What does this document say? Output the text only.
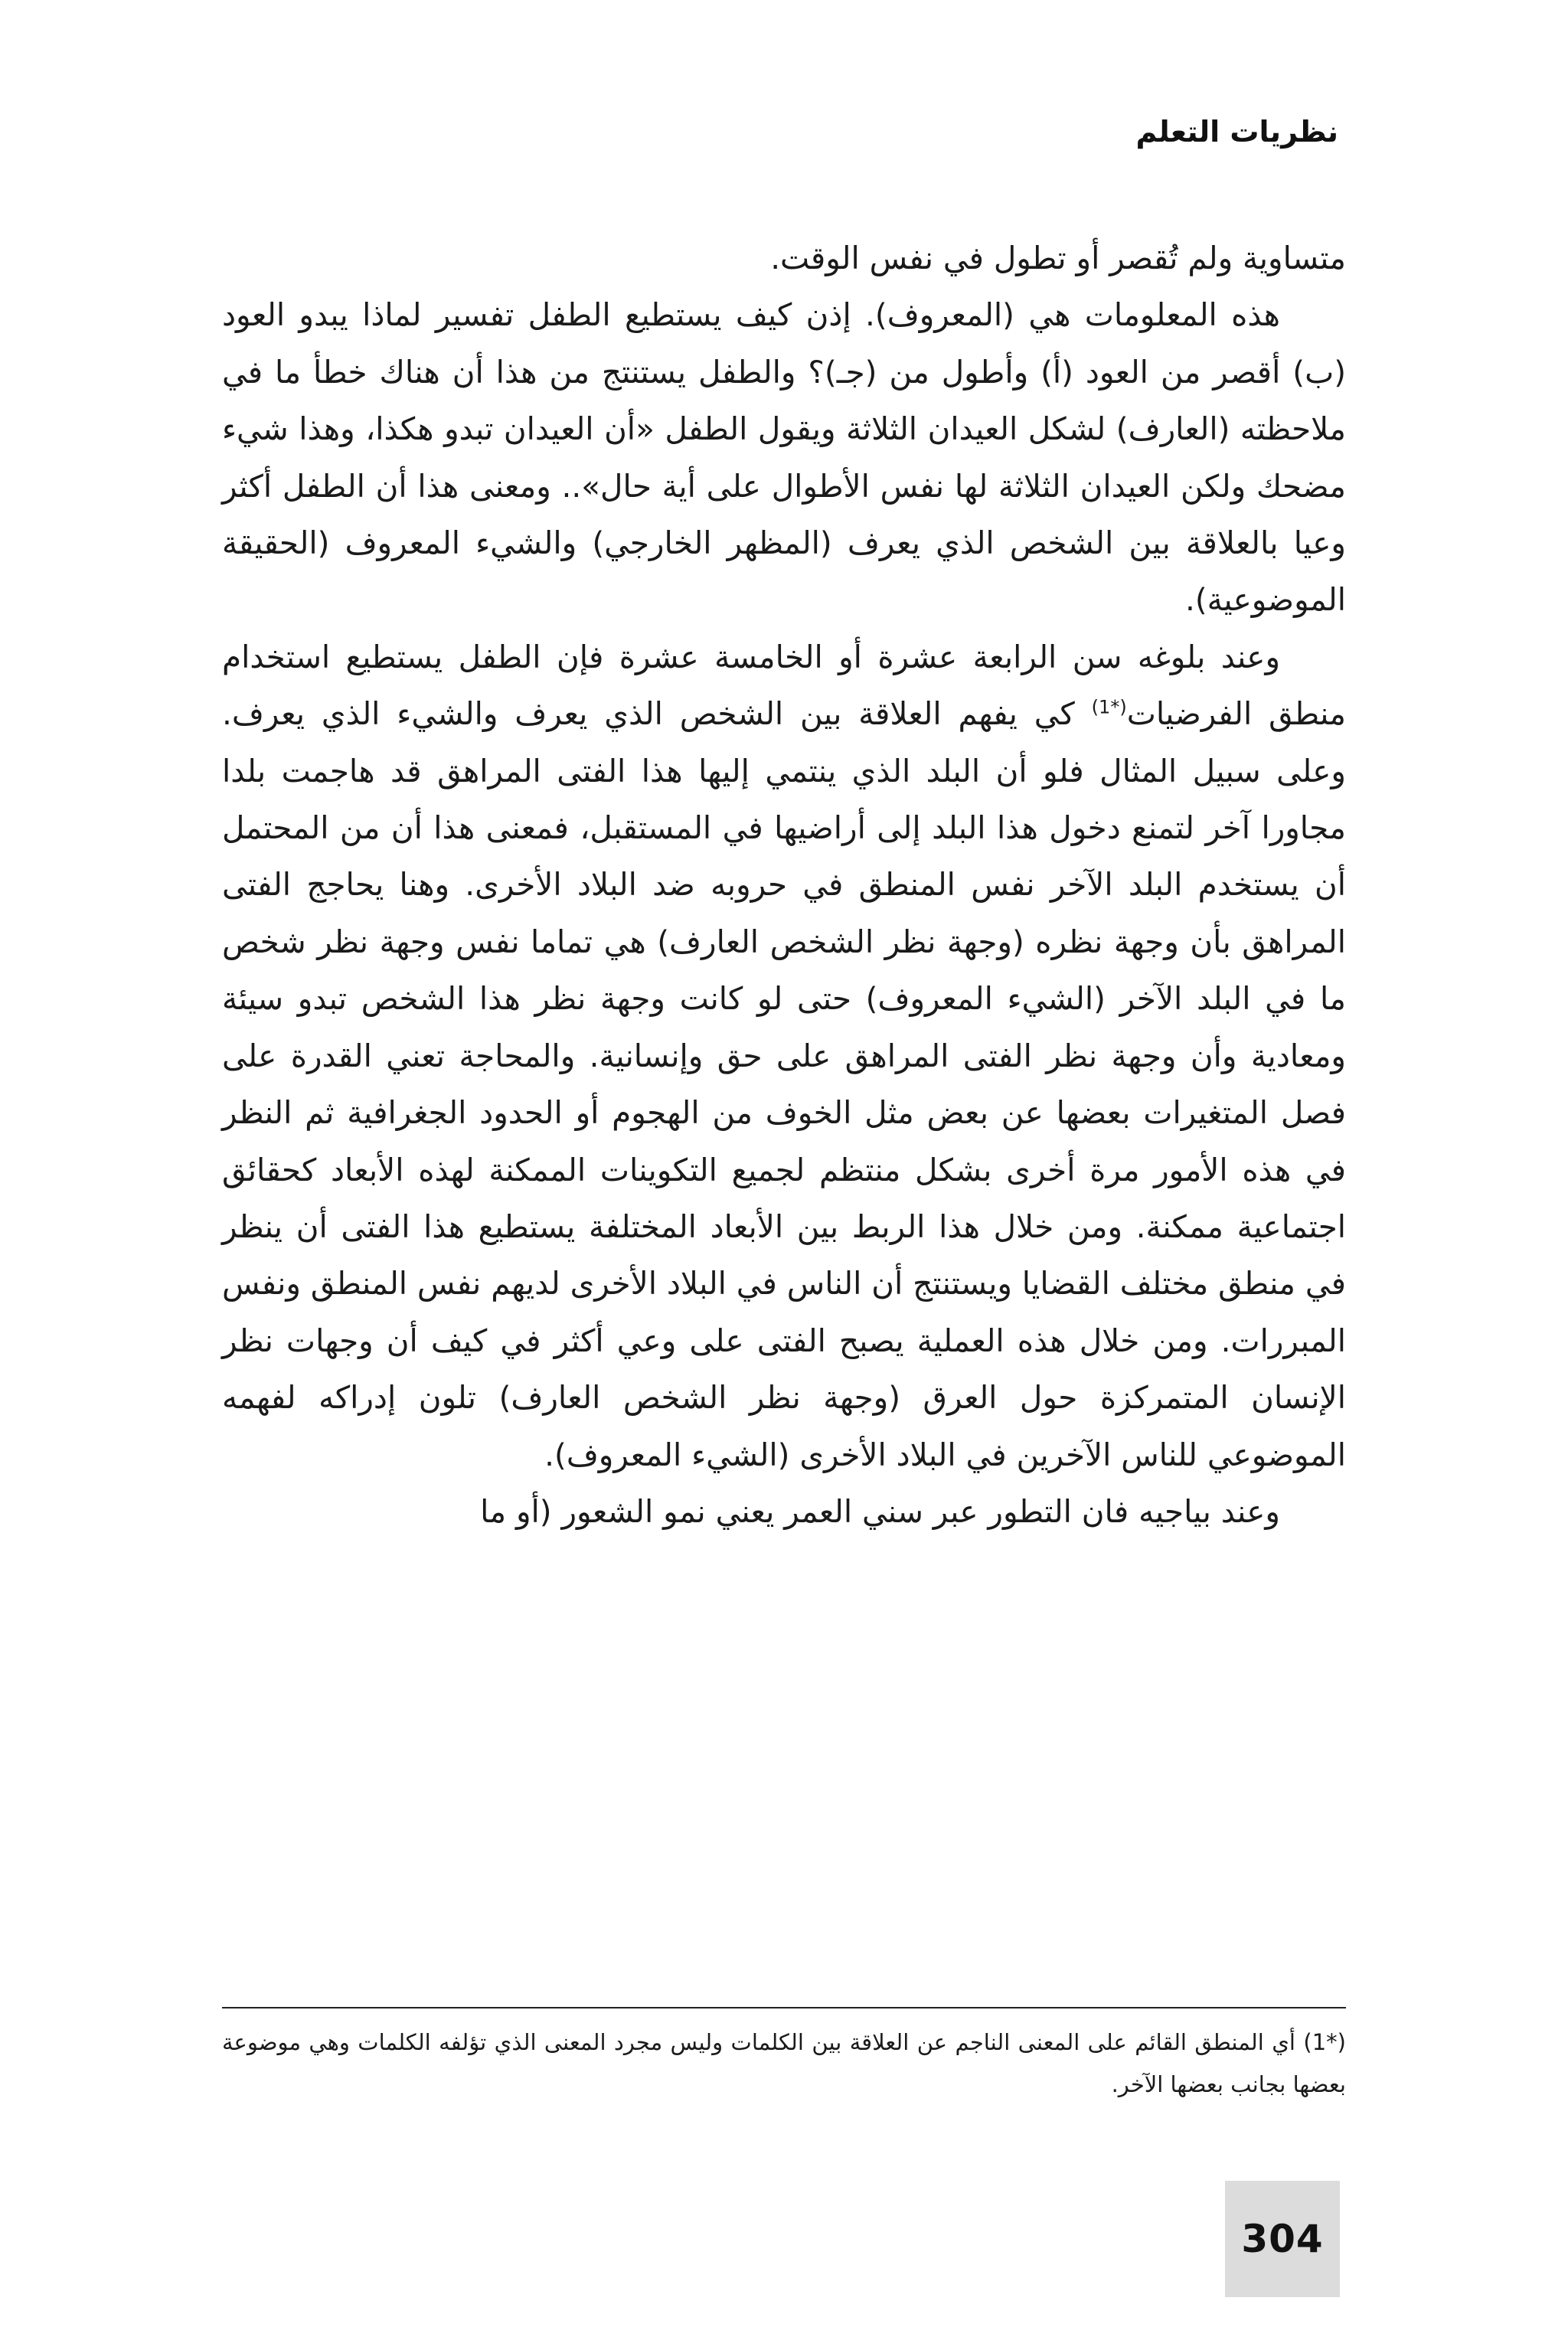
نظريات التعلم

متساوية ولم تُقصر أو تطول في نفس الوقت.

هذه المعلومات هي (المعروف). إذن كيف يستطيع الطفل تفسير لماذا يبدو العود (ب) أقصر من العود (أ) وأطول من (جـ)؟ والطفل يستنتج من هذا أن هناك خطأ ما في ملاحظته (العارف) لشكل العيدان الثلاثة ويقول الطفل «أن العيدان تبدو هكذا، وهذا شيء مضحك ولكن العيدان الثلاثة لها نفس الأطوال على أية حال».. ومعنى هذا أن الطفل أكثر وعيا بالعلاقة بين الشخص الذي يعرف (المظهر الخارجي) والشيء المعروف (الحقيقة الموضوعية).

وعند بلوغه سن الرابعة عشرة أو الخامسة عشرة فإن الطفل يستطيع استخدام منطق الفرضيات$^{(*1)}$ كي يفهم العلاقة بين الشخص الذي يعرف والشيء الذي يعرف. وعلى سبيل المثال فلو أن البلد الذي ينتمي إليها هذا الفتى المراهق قد هاجمت بلدا مجاورا آخر لتمنع دخول هذا البلد إلى أراضيها في المستقبل، فمعنى هذا أن من المحتمل أن يستخدم البلد الآخر نفس المنطق في حروبه ضد البلاد الأخرى. وهنا يحاجج الفتى المراهق بأن وجهة نظره (وجهة نظر الشخص العارف) هي تماما نفس وجهة نظر شخص ما في البلد الآخر (الشيء المعروف) حتى لو كانت وجهة نظر هذا الشخص تبدو سيئة ومعادية وأن وجهة نظر الفتى المراهق على حق وإنسانية. والمحاجة تعني القدرة على فصل المتغيرات بعضها عن بعض مثل الخوف من الهجوم أو الحدود الجغرافية ثم النظر في هذه الأمور مرة أخرى بشكل منتظم لجميع التكوينات الممكنة لهذه الأبعاد كحقائق اجتماعية ممكنة. ومن خلال هذا الربط بين الأبعاد المختلفة يستطيع هذا الفتى أن ينظر في منطق مختلف القضايا ويستنتج أن الناس في البلاد الأخرى لديهم نفس المنطق ونفس المبررات. ومن خلال هذه العملية يصبح الفتى على وعي أكثر في كيف أن وجهات نظر الإنسان المتمركزة حول العرق (وجهة نظر الشخص العارف) تلون إدراكه لفهمه الموضوعي للناس الآخرين في البلاد الأخرى (الشيء المعروف).

وعند بياجيه فان التطور عبر سني العمر يعني نمو الشعور (أو ما

(*1) أي المنطق القائم على المعنى الناجم عن العلاقة بين الكلمات وليس مجرد المعنى الذي تؤلفه الكلمات وهي موضوعة بعضها بجانب بعضها الآخر.

304
